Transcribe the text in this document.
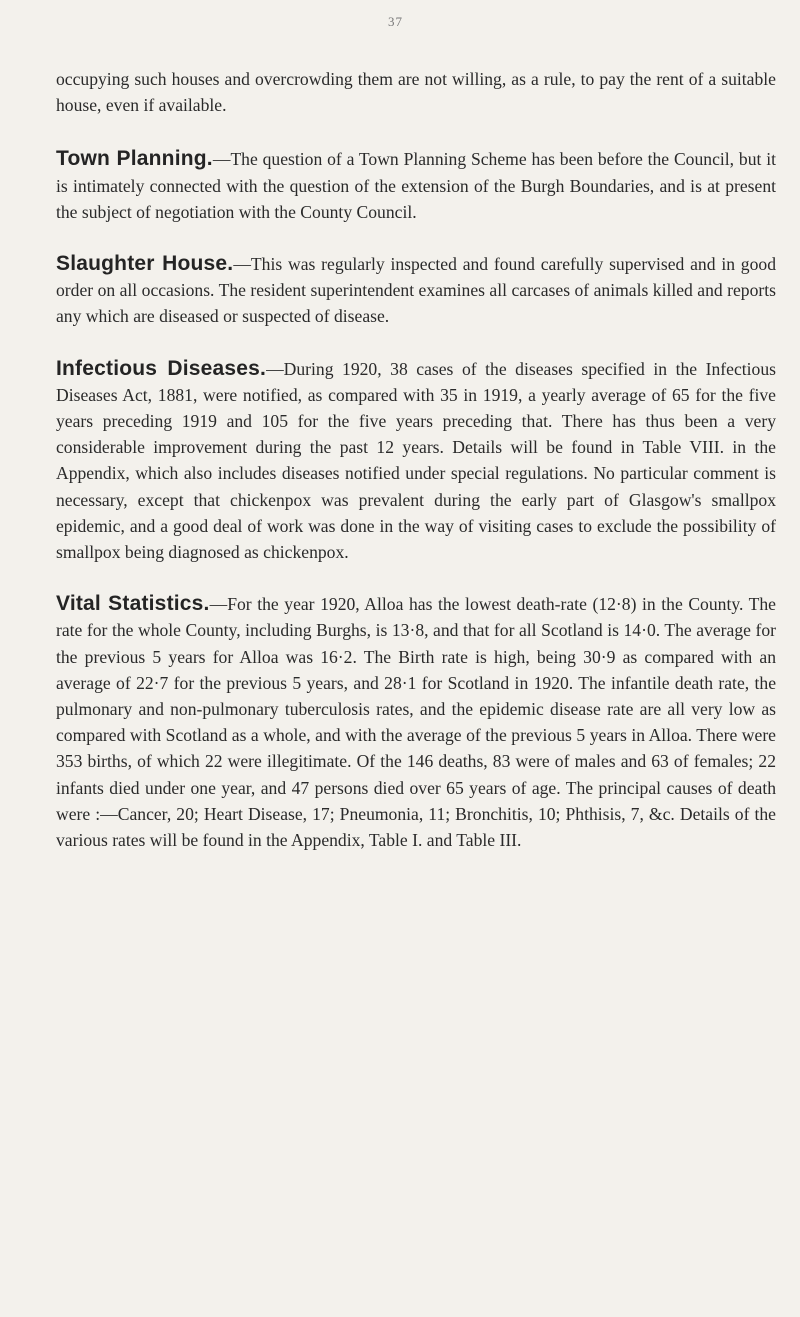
37

occupying such houses and overcrowding them are not willing, as a rule, to pay the rent of a suitable house, even if available.

Town Planning.—The question of a Town Planning Scheme has been before the Council, but it is intimately connected with the question of the extension of the Burgh Boundaries, and is at present the subject of negotiation with the County Council.

Slaughter House.—This was regularly inspected and found carefully supervised and in good order on all occasions. The resident superintendent examines all carcases of animals killed and reports any which are diseased or suspected of disease.

Infectious Diseases.—During 1920, 38 cases of the diseases specified in the Infectious Diseases Act, 1881, were notified, as compared with 35 in 1919, a yearly average of 65 for the five years preceding 1919 and 105 for the five years preceding that. There has thus been a very considerable improvement during the past 12 years. Details will be found in Table VIII. in the Appendix, which also includes diseases notified under special regulations. No particular comment is necessary, except that chickenpox was prevalent during the early part of Glasgow's smallpox epidemic, and a good deal of work was done in the way of visiting cases to exclude the possibility of smallpox being diagnosed as chickenpox.

Vital Statistics.—For the year 1920, Alloa has the lowest death-rate (12·8) in the County. The rate for the whole County, including Burghs, is 13·8, and that for all Scotland is 14·0. The average for the previous 5 years for Alloa was 16·2. The Birth rate is high, being 30·9 as compared with an average of 22·7 for the previous 5 years, and 28·1 for Scotland in 1920. The infantile death rate, the pulmonary and non-pulmonary tuberculosis rates, and the epidemic disease rate are all very low as compared with Scotland as a whole, and with the average of the previous 5 years in Alloa. There were 353 births, of which 22 were illegitimate. Of the 146 deaths, 83 were of males and 63 of females; 22 infants died under one year, and 47 persons died over 65 years of age. The principal causes of death were :—Cancer, 20; Heart Disease, 17; Pneumonia, 11; Bronchitis, 10; Phthisis, 7, &c. Details of the various rates will be found in the Appendix, Table I. and Table III.
